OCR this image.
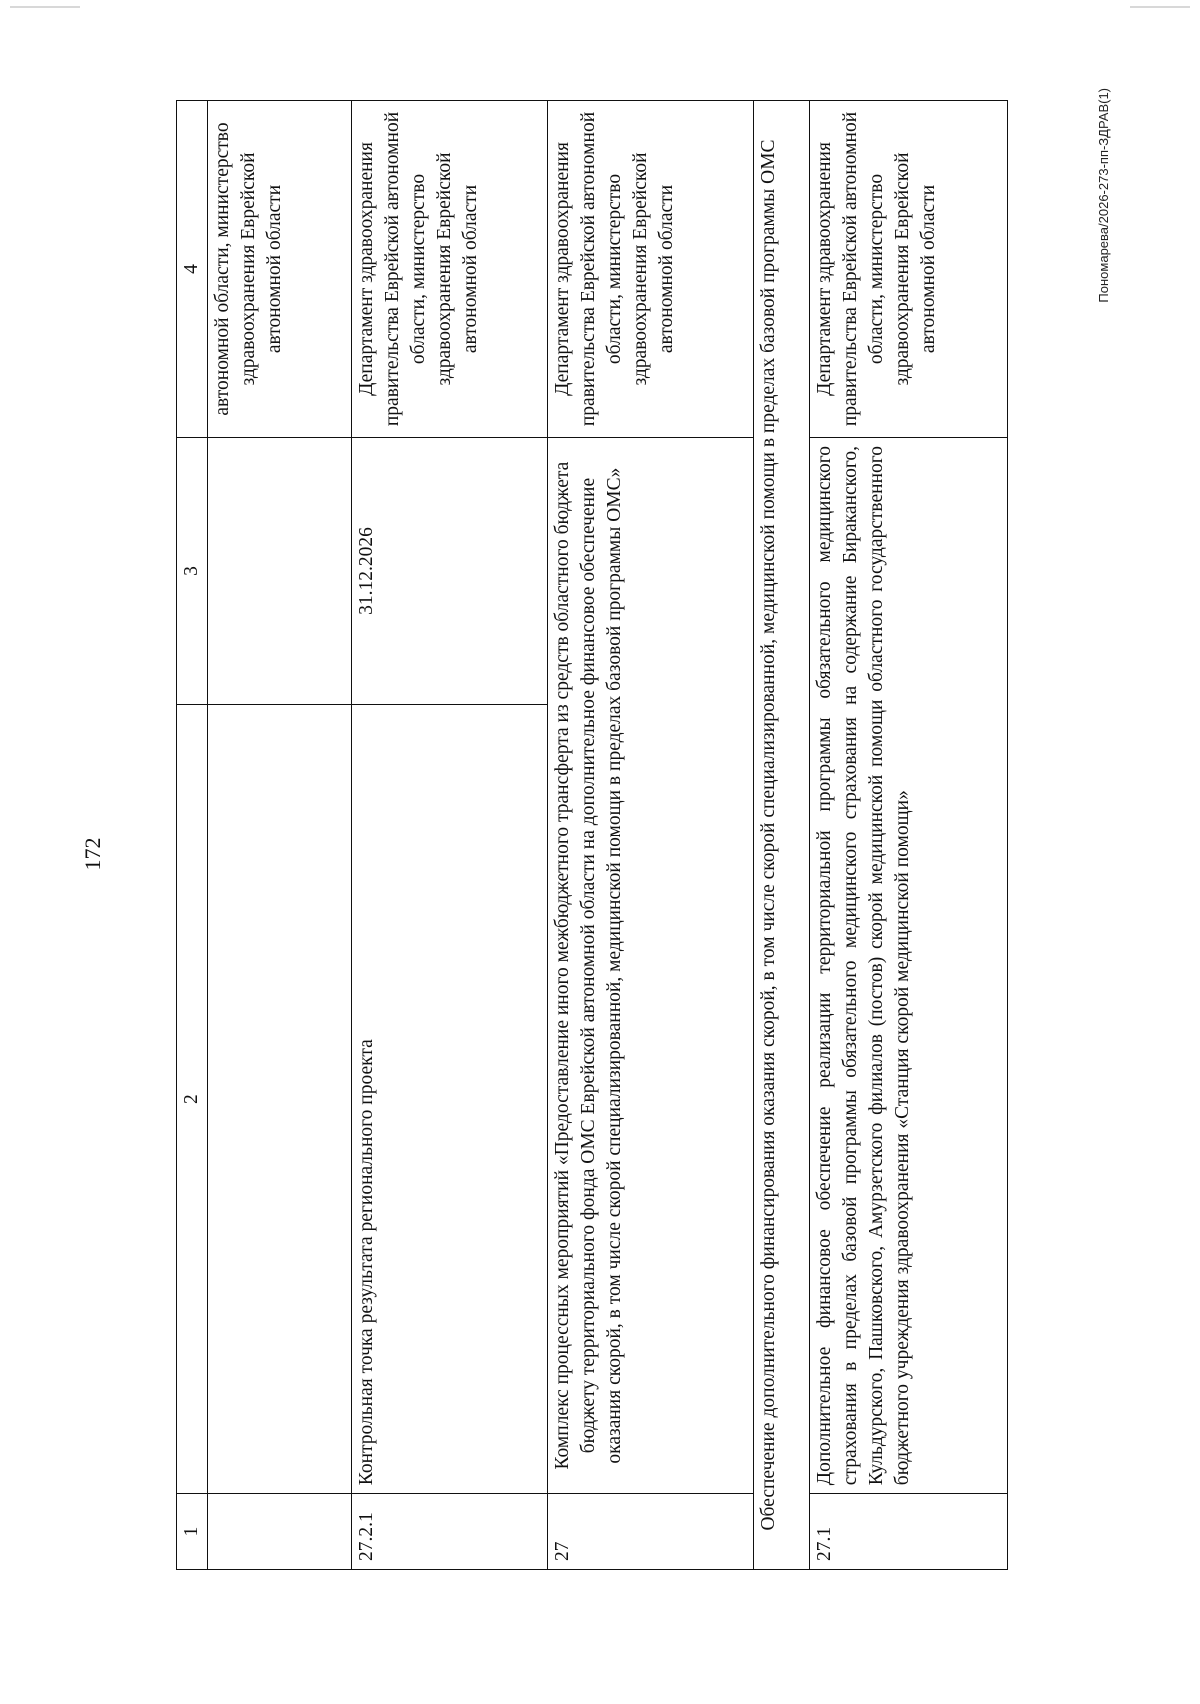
172
1	2	3	4
			автономной области, министерство здравоохранения Еврейской автономной области
27.2.1	Контрольная точка результата регионального проекта	31.12.2026	Департамент здравоохранения правительства Еврейской автономной области, министерство здравоохранения Еврейской автономной области
27	Комплекс процессных мероприятий «Предоставление иного межбюджетного трансферта из средств областного бюджета бюджету территориального фонда ОМС Еврейской автономной области на дополнительное финансовое обеспечение оказания скорой, в том числе скорой специализированной, медицинской помощи в пределах базовой программы ОМС»		Департамент здравоохранения правительства Еврейской автономной области, министерство здравоохранения Еврейской автономной области
Обеспечение дополнительного финансирования оказания скорой, в том числе скорой специализированной, медицинской помощи в пределах базовой программы ОМС			
27.1	Дополнительное финансовое обеспечение реализации территориальной программы обязательного медицинского страхования в пределах базовой программы обязательного медицинского страхования на содержание Бираканского, Кульдурского, Пашковского, Амурзетского филиалов (постов) скорой медицинской помощи областного государственного бюджетного учреждения здравоохранения «Станция скорой медицинской помощи»		Департамент здравоохранения правительства Еврейской автономной области, министерство здравоохранения Еврейской автономной области	Пономарева/2026-273-пп-ЗДРАВ(1)
